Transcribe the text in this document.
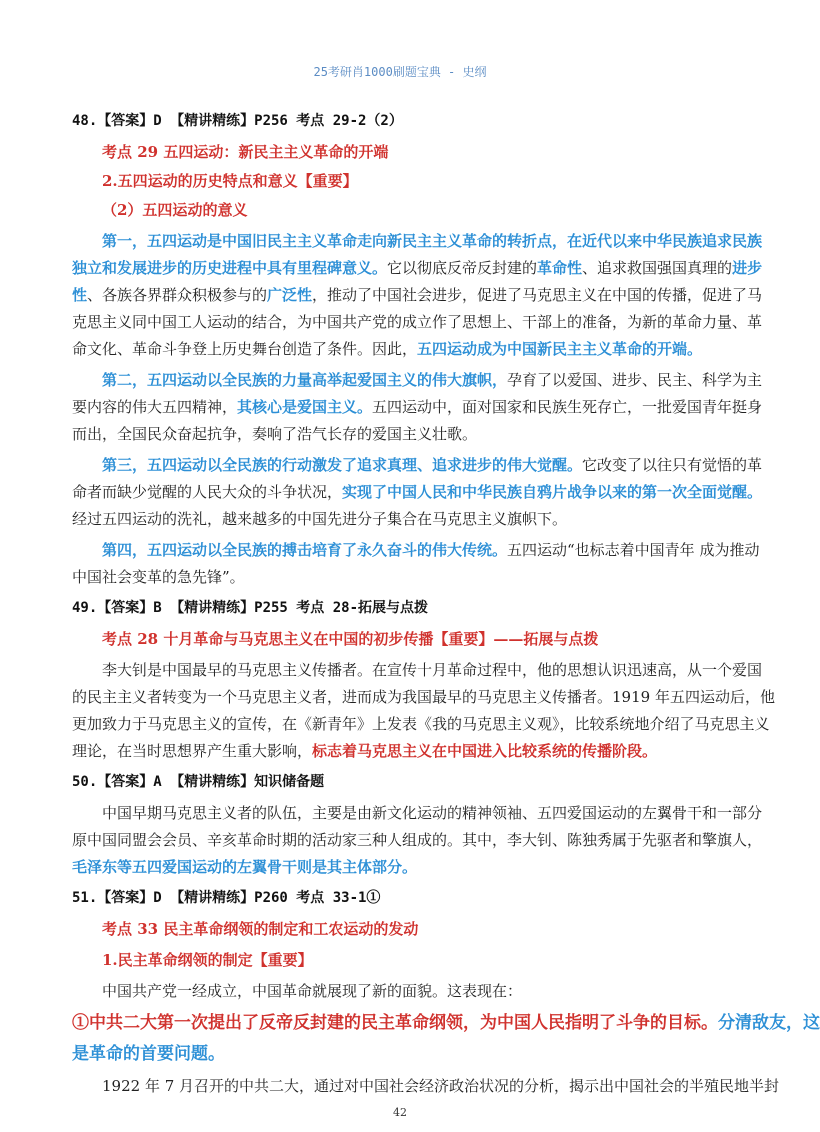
25考研肖1000刷题宝典 - 史纲

48.【答案】D 【精讲精练】P256 考点 29-2（2）

考点 29 五四运动：新民主主义革命的开端

2.五四运动的历史特点和意义【重要】

（2）五四运动的意义

第一，五四运动是中国旧民主主义革命走向新民主主义革命的转折点，在近代以来中华民族追求民族

独立和发展进步的历史进程中具有里程碑意义。它以彻底反帝反封建的革命性、追求救国强国真理的进步

性、各族各界群众积极参与的广泛性，推动了中国社会进步，促进了马克思主义在中国的传播，促进了马

克思主义同中国工人运动的结合，为中国共产党的成立作了思想上、干部上的准备，为新的革命力量、革

命文化、革命斗争登上历史舞台创造了条件。因此，五四运动成为中国新民主主义革命的开端。

第二，五四运动以全民族的力量高举起爱国主义的伟大旗帜，孕育了以爱国、进步、民主、科学为主

要内容的伟大五四精神，其核心是爱国主义。五四运动中，面对国家和民族生死存亡，一批爱国青年挺身

而出，全国民众奋起抗争，奏响了浩气长存的爱国主义壮歌。

第三，五四运动以全民族的行动激发了追求真理、追求进步的伟大觉醒。它改变了以往只有觉悟的革

命者而缺少觉醒的人民大众的斗争状况，实现了中国人民和中华民族自鸦片战争以来的第一次全面觉醒。

经过五四运动的洗礼，越来越多的中国先进分子集合在马克思主义旗帜下。

第四，五四运动以全民族的搏击培育了永久奋斗的伟大传统。五四运动“也标志着中国青年 成为推动

中国社会变革的急先锋”。

49.【答案】B 【精讲精练】P255 考点 28-拓展与点拨

考点 28 十月革命与马克思主义在中国的初步传播【重要】——拓展与点拨

李大钊是中国最早的马克思主义传播者。在宣传十月革命过程中，他的思想认识迅速高，从一个爱国

的民主主义者转变为一个马克思主义者，进而成为我国最早的马克思主义传播者。1919 年五四运动后，他

更加致力于马克思主义的宣传，在《新青年》上发表《我的马克思主义观》，比较系统地介绍了马克思主义

理论，在当时思想界产生重大影响，标志着马克思主义在中国进入比较系统的传播阶段。

50.【答案】A 【精讲精练】知识储备题

中国早期马克思主义者的队伍，主要是由新文化运动的精神领袖、五四爱国运动的左翼骨干和一部分

原中国同盟会会员、辛亥革命时期的活动家三种人组成的。其中，李大钊、陈独秀属于先驱者和擎旗人，

毛泽东等五四爱国运动的左翼骨干则是其主体部分。

51.【答案】D 【精讲精练】P260 考点 33-1①

考点 33 民主革命纲领的制定和工农运动的发动

1.民主革命纲领的制定【重要】

中国共产党一经成立，中国革命就展现了新的面貌。这表现在：

①中共二大第一次提出了反帝反封建的民主革命纲领，为中国人民指明了斗争的目标。分清敌友，这

是革命的首要问题。

1922 年 7 月召开的中共二大，通过对中国社会经济政治状况的分析，揭示出中国社会的半殖民地半封

42
